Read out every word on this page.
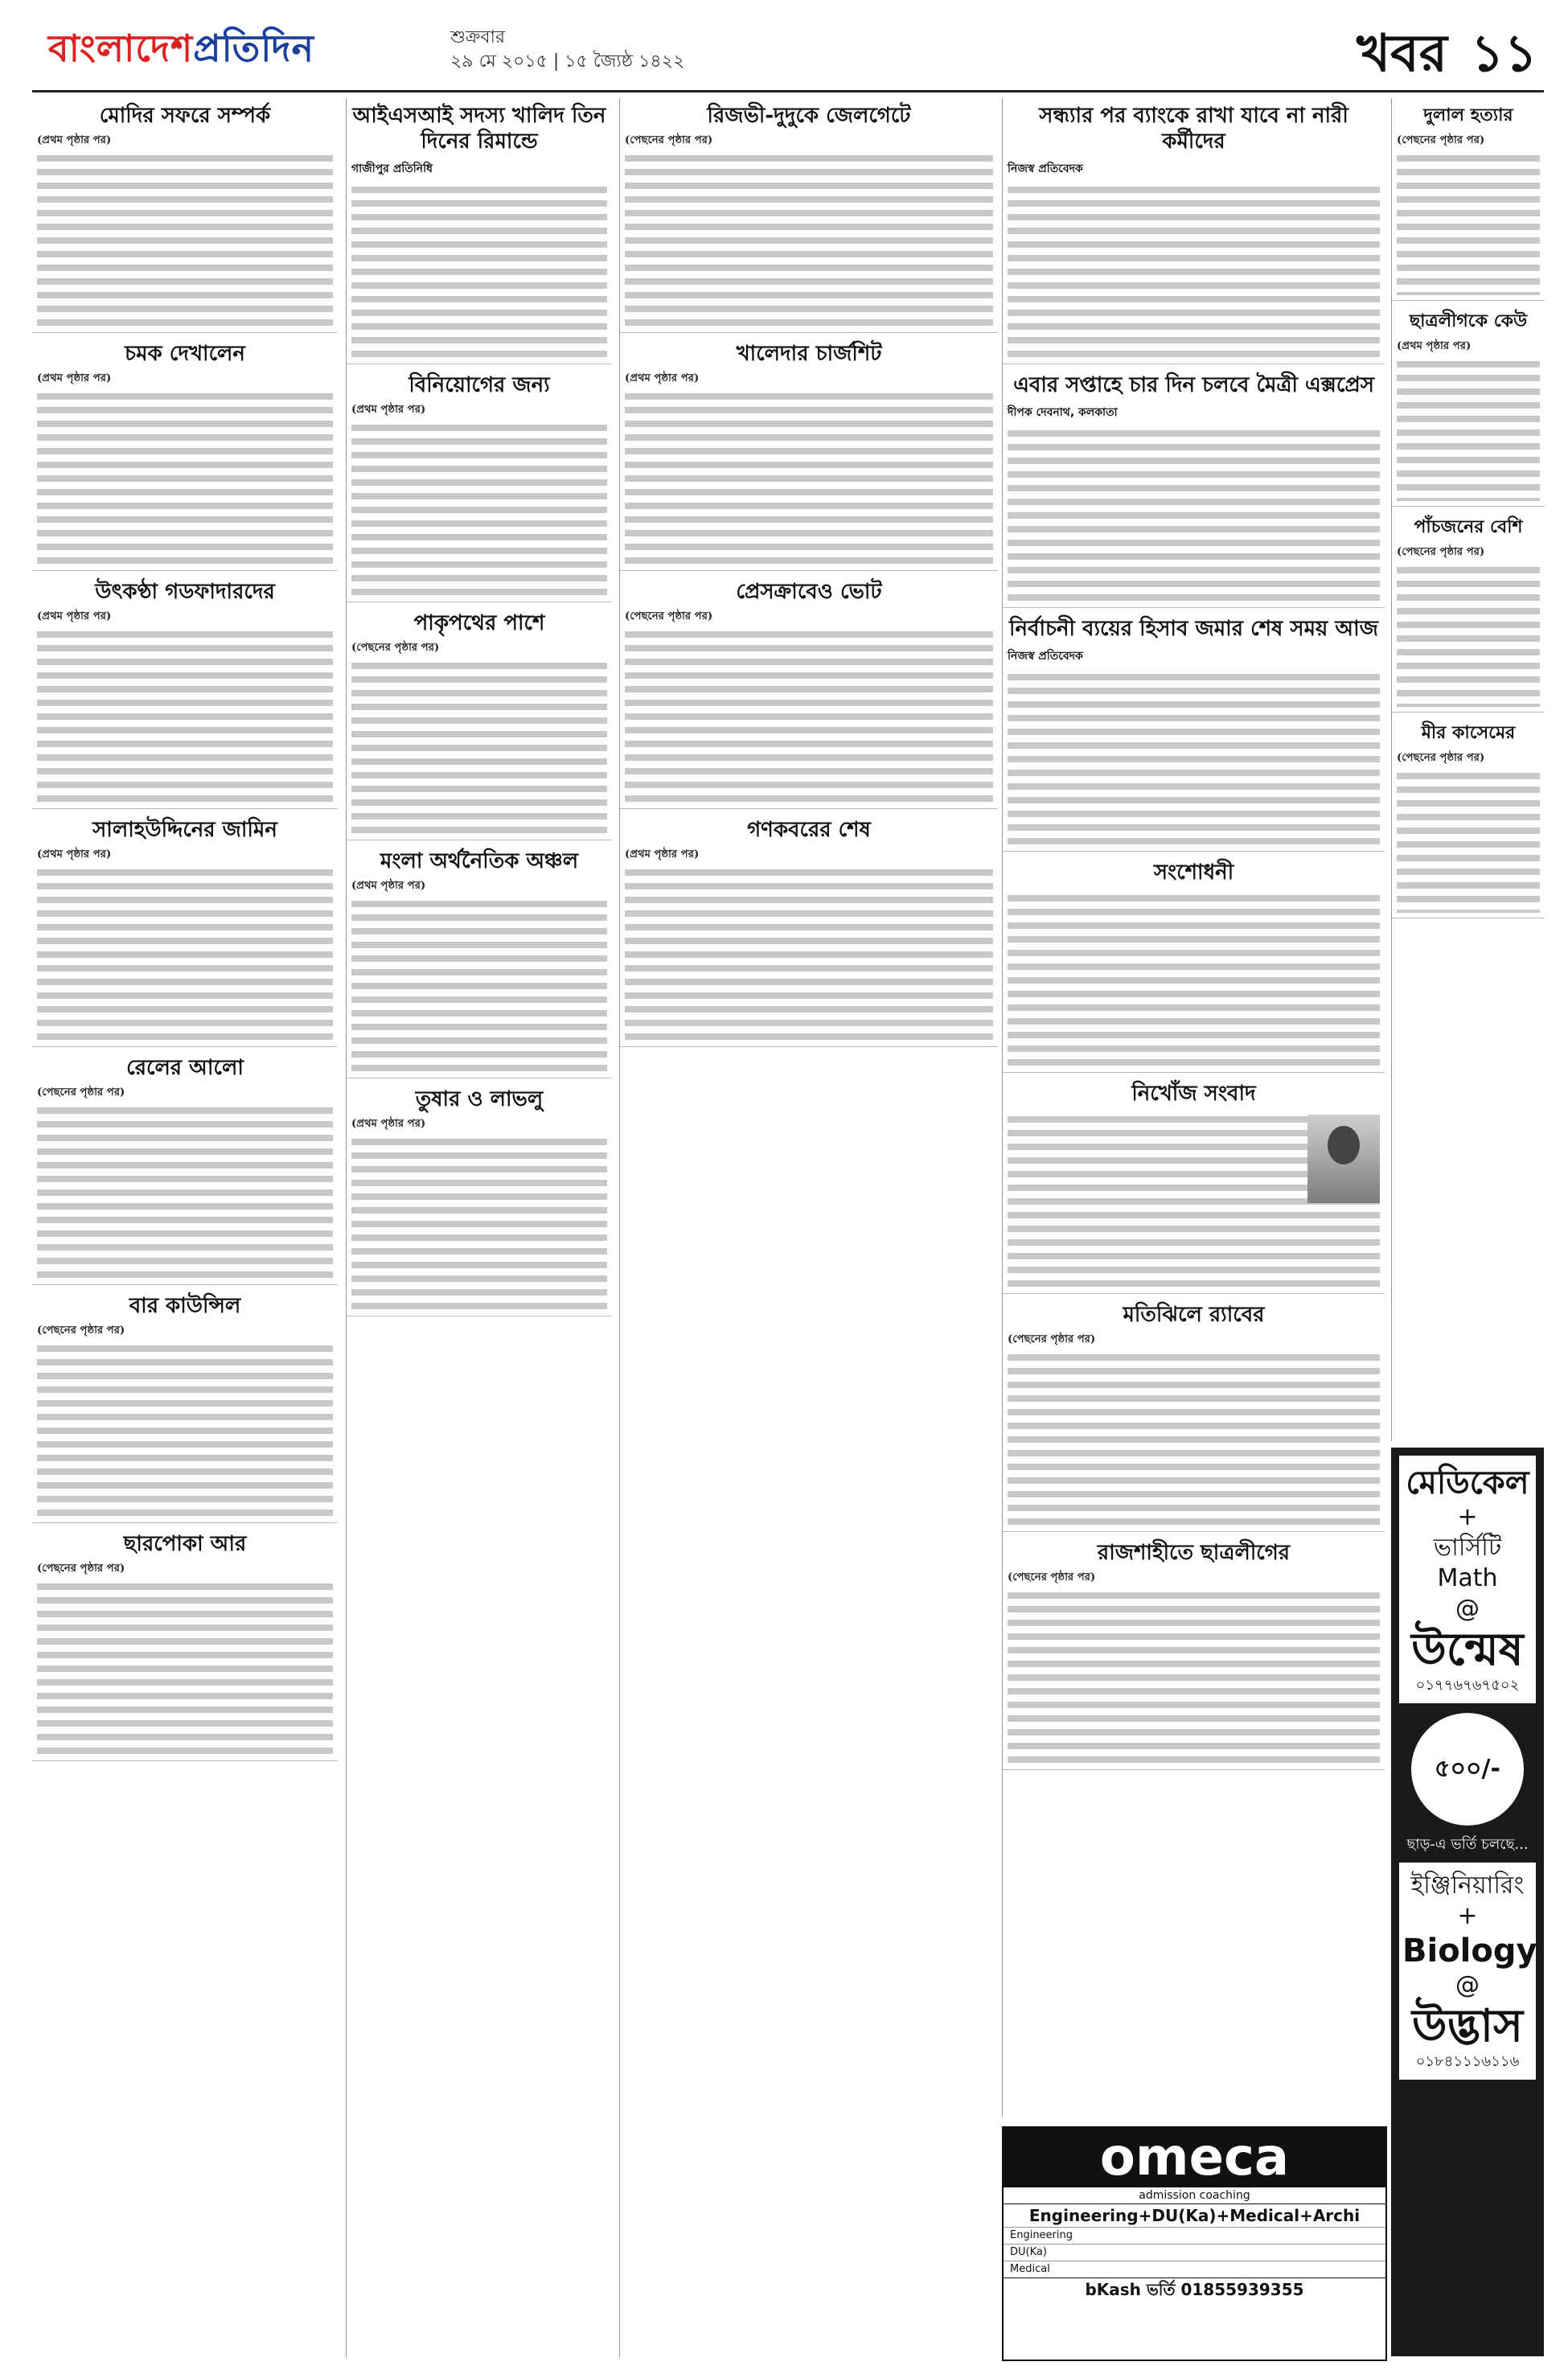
বাংলাদেশপ্রতিদিন	শুক্রবার
২৯ মে ২০১৫ | ১৫ জ্যৈষ্ঠ ১৪২২	খবর ১১
মোদির সফরে সম্পর্ক

(প্রথম পৃষ্ঠার পর)

চমক দেখালেন

(প্রথম পৃষ্ঠার পর)

উৎকণ্ঠা গডফাদারদের

(প্রথম পৃষ্ঠার পর)

সালাহউদ্দিনের জামিন

(প্রথম পৃষ্ঠার পর)

রেলের আলো

(পেছনের পৃষ্ঠার পর)

বার কাউন্সিল

(পেছনের পৃষ্ঠার পর)

ছারপোকা আর

(পেছনের পৃষ্ঠার পর)

আইএসআই সদস্য খালিদ তিন দিনের রিমান্ডে
গাজীপুর প্রতিনিধি

বিনিয়োগের জন্য

(প্রথম পৃষ্ঠার পর)

পাকৃপথের পাশে

(পেছনের পৃষ্ঠার পর)

মংলা অর্থনৈতিক অঞ্চল

(প্রথম পৃষ্ঠার পর)

তুষার ও লাভলু

(প্রথম পৃষ্ঠার পর)

রিজভী-দুদুকে জেলগেটে

(পেছনের পৃষ্ঠার পর)

খালেদার চার্জশিট

(প্রথম পৃষ্ঠার পর)

প্রেসক্রাবেও ভোট

(পেছনের পৃষ্ঠার পর)

গণকবরের শেষ

(প্রথম পৃষ্ঠার পর)

সন্ধ্যার পর ব্যাংকে রাখা যাবে না নারী কর্মীদের
নিজস্ব প্রতিবেদক

এবার সপ্তাহে চার দিন চলবে মৈত্রী এক্সপ্রেস
দীপক দেবনাথ, কলকাতা

নির্বাচনী ব্যয়ের হিসাব জমার শেষ সময় আজ
নিজস্ব প্রতিবেদক

সংশোধনী

নিখোঁজ সংবাদ

মতিঝিলে র‍্যাবের

(পেছনের পৃষ্ঠার পর)

রাজশাহীতে ছাত্রলীগের

(পেছনের পৃষ্ঠার পর)

দুলাল হত্যার

(পেছনের পৃষ্ঠার পর)

ছাত্রলীগকে কেউ

(প্রথম পৃষ্ঠার পর)

পাঁচজনের বেশি

(পেছনের পৃষ্ঠার পর)

মীর কাসেমের

(পেছনের পৃষ্ঠার পর)

মেডিকেল
+
ভার্সিটি Math
@
উন্মেষ
০১৭৭৬৭৬৭৫০২
৫০০/-
ছাড়-এ ভর্তি চলছে...
ইঞ্জিনিয়ারিং
+
Biology
@
উদ্ভাস
০১৮৪১১১৬১১৬
omeca
admission coaching
Engineering+DU(Ka)+Medical+Archi
Engineering
DU(Ka)
Medical
bKash ভর্তি 01855939355
